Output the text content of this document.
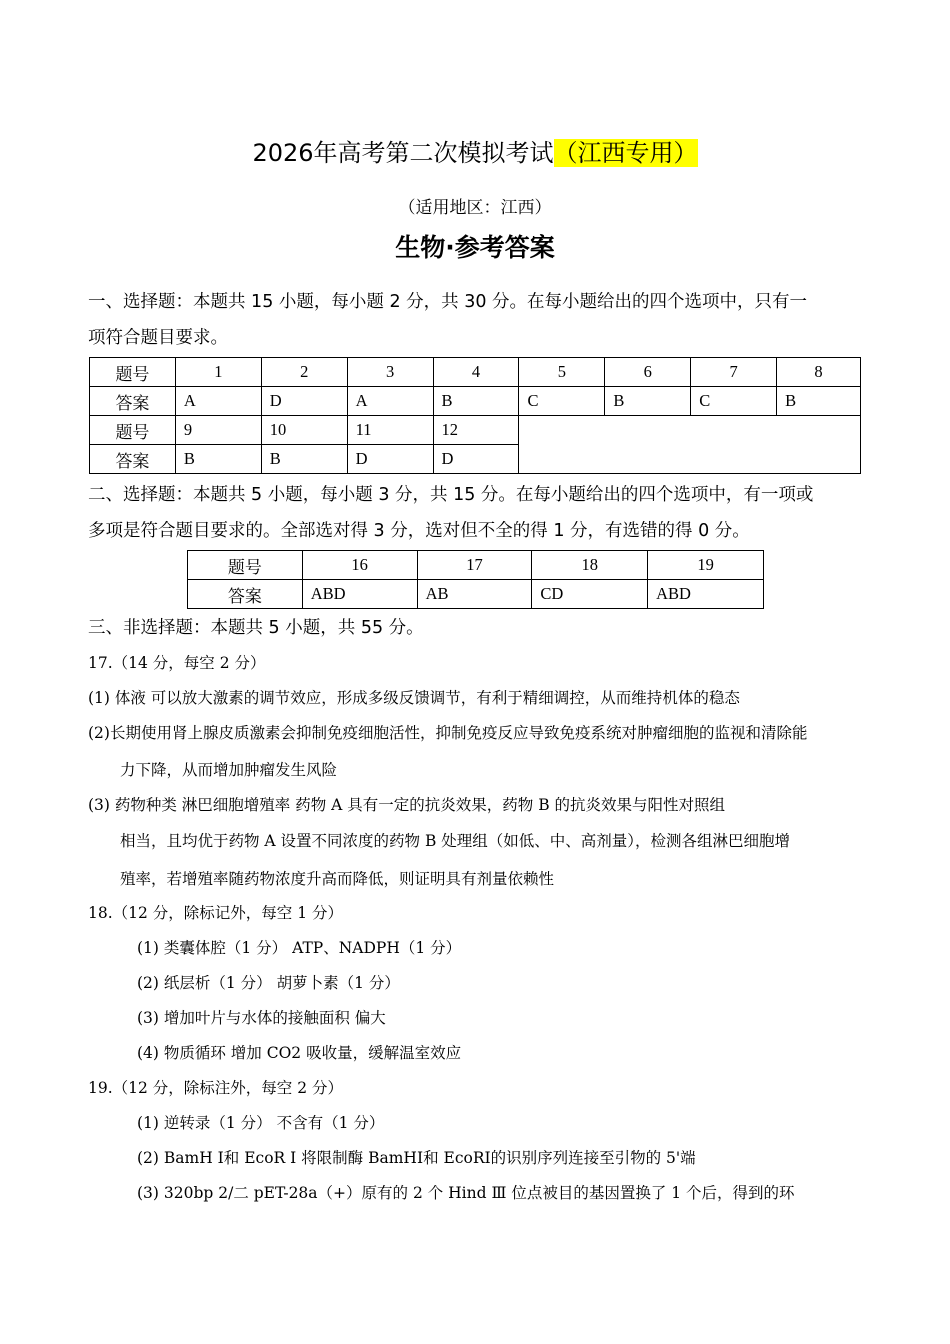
2026年高考第二次模拟考试（江西专用）
（适用地区：江西）
生物·参考答案
一、选择题：本题共 15 小题，每小题 2 分，共 30 分。在每小题给出的四个选项中，只有一
项符合题目要求。
题号	1	2	3	4	5	6	7	8
答案	A	D	A	B	C	B	C	B
题号	9	10	11	12				
答案	B	B	D	D				
二、选择题：本题共 5 小题，每小题 3 分，共 15 分。在每小题给出的四个选项中，有一项或
多项是符合题目要求的。全部选对得 3 分，选对但不全的得 1 分，有选错的得 0 分。
题号	16	17	18	19
答案	ABD	AB	CD	ABD
三、非选择题：本题共 5 小题，共 55 分。
17.（14 分，每空 2 分）
(1) 体液 可以放大激素的调节效应，形成多级反馈调节，有利于精细调控，从而维持机体的稳态
(2)长期使用肾上腺皮质激素会抑制免疫细胞活性，抑制免疫反应导致免疫系统对肿瘤细胞的监视和清除能
力下降，从而增加肿瘤发生风险
(3) 药物种类 淋巴细胞增殖率 药物 A 具有一定的抗炎效果，药物 B 的抗炎效果与阳性对照组
相当，且均优于药物 A 设置不同浓度的药物 B 处理组（如低、中、高剂量），检测各组淋巴细胞增
殖率，若增殖率随药物浓度升高而降低，则证明具有剂量依赖性
18.（12 分，除标记外，每空 1 分）
(1) 类囊体腔（1 分） ATP、NADPH（1 分）
(2) 纸层析（1 分） 胡萝卜素（1 分）
(3) 增加叶片与水体的接触面积 偏大
(4) 物质循环 增加 CO2 吸收量，缓解温室效应
19.（12 分，除标注外，每空 2 分）
(1) 逆转录（1 分） 不含有（1 分）
(2) BamH Ⅰ和 EcoR Ⅰ 将限制酶 BamHⅠ和 EcoRⅠ的识别序列连接至引物的 5'端
(3) 320bp 2/二 pET-28a（+）原有的 2 个 Hind Ⅲ 位点被目的基因置换了 1 个后，得到的环
